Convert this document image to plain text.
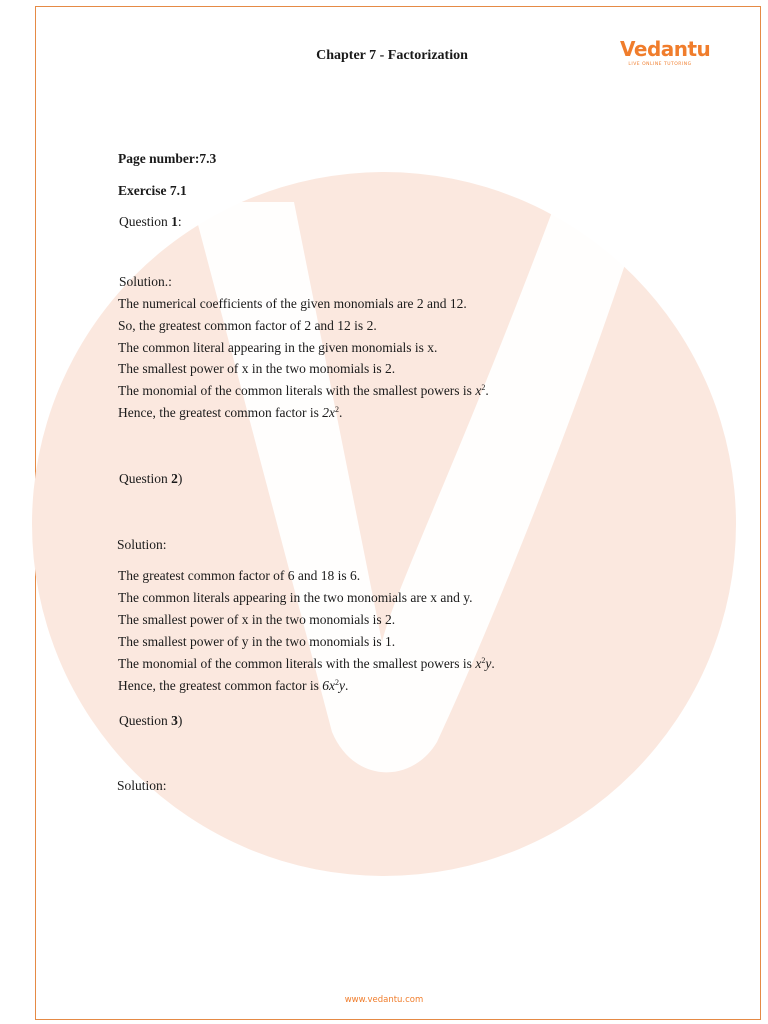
Chapter 7 - Factorization	Vedantu
LIVE ONLINE TUTORING
Page number:7.3
Exercise 7.1
Question 1:
Solution.:
The numerical coefficients of the given monomials are 2 and 12.
So, the greatest common factor of 2 and 12 is 2.
The common literal appearing in the given monomials is x.
The smallest power of x in the two monomials is 2.
The monomial of the common literals with the smallest powers is $x^2$.
Hence, the greatest common factor is $2x^2$.
Question 2)
Solution:
The greatest common factor of 6 and 18 is 6.
The common literals appearing in the two monomials are x and y.
The smallest power of x in the two monomials is 2.
The smallest power of y in the two monomials is 1.
The monomial of the common literals with the smallest powers is $x^2y$.
Hence, the greatest common factor is $6x^2y$.
Question 3)
Solution:
www.vedantu.com
